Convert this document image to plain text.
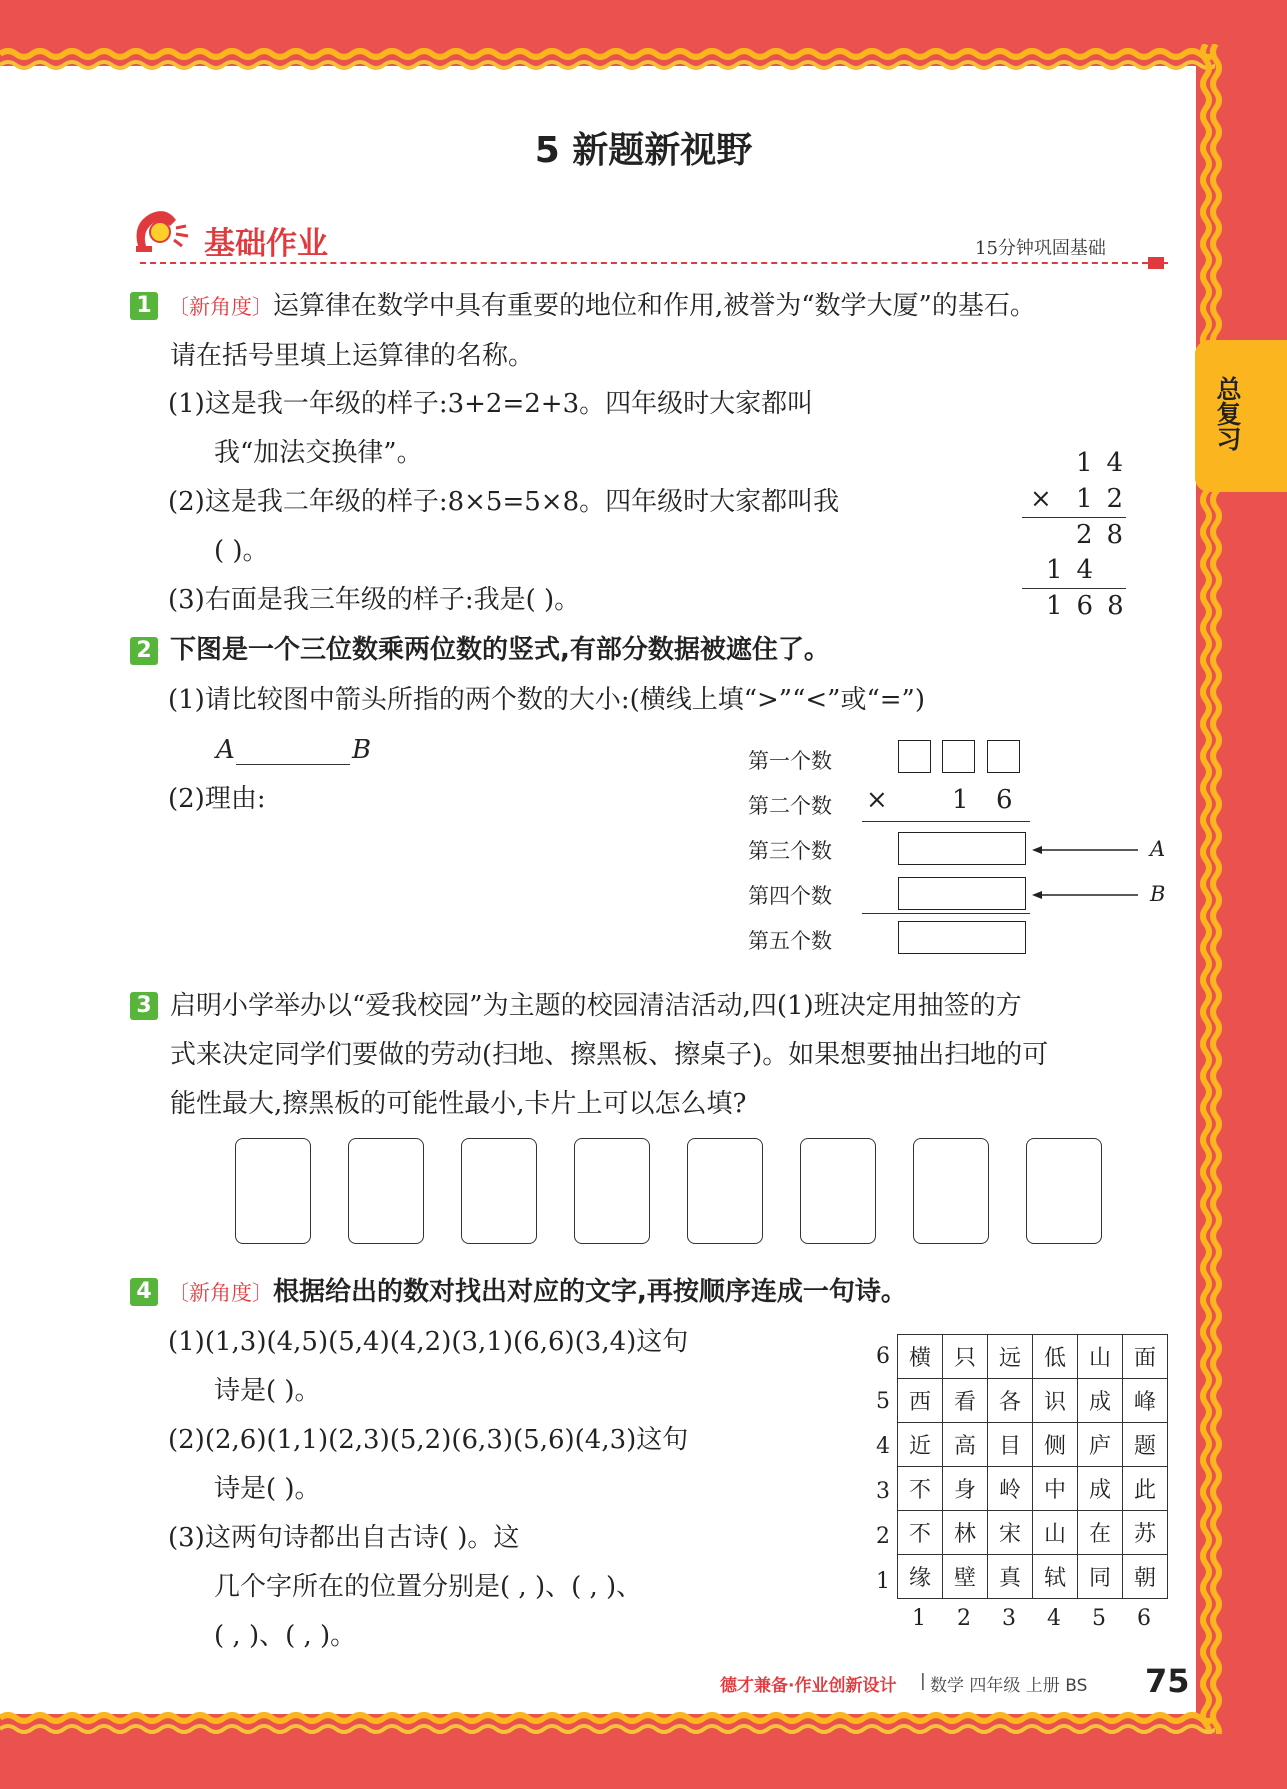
总复习
5 新题新视野
基础作业	15分钟巩固基础
1 〔新角度〕运算律在数学中具有重要的地位和作用,被誉为“数学大厦”的基石。
请在括号里填上运算律的名称。
(1)这是我一年级的样子:3+2=2+3。四年级时大家都叫
我“加法交换律”。
(2)这是我二年级的样子:8×5=5×8。四年级时大家都叫我
( )。
(3)右面是我三年级的样子:我是( )。
14
× 12
28
14
168
2 下图是一个三位数乘两位数的竖式,有部分数据被遮住了。
(1)请比较图中箭头所指的两个数的大小:(横线上填“>”“<”或“=”)
A	B
(2)理由:
第一个数
第二个数
第三个数
第四个数
第五个数
× 1 6
A
B
3 启明小学举办以“爱我校园”为主题的校园清洁活动,四(1)班决定用抽签的方
式来决定同学们要做的劳动(扫地、擦黑板、擦桌子)。如果想要抽出扫地的可
能性最大,擦黑板的可能性最小,卡片上可以怎么填?
4 〔新角度〕根据给出的数对找出对应的文字,再按顺序连成一句诗。
(1)(1,3)(4,5)(5,4)(4,2)(3,1)(6,6)(3,4)这句
诗是( )。
(2)(2,6)(1,1)(2,3)(5,2)(6,3)(5,6)(4,3)这句
诗是( )。
(3)这两句诗都出自古诗( )。这
几个字所在的位置分别是( , )、( , )、
( , )、( , )。
6
5
4
3
2
1
横	只	远	低	山	面
西	看	各	识	成	峰
近	高	目	侧	庐	题
不	身	岭	中	成	此
不	林	宋	山	在	苏
缘	壁	真	轼	同	朝
1 2 3 4 5 6
德才兼备·作业创新设计 | 数学 四年级 上册 BS 75
